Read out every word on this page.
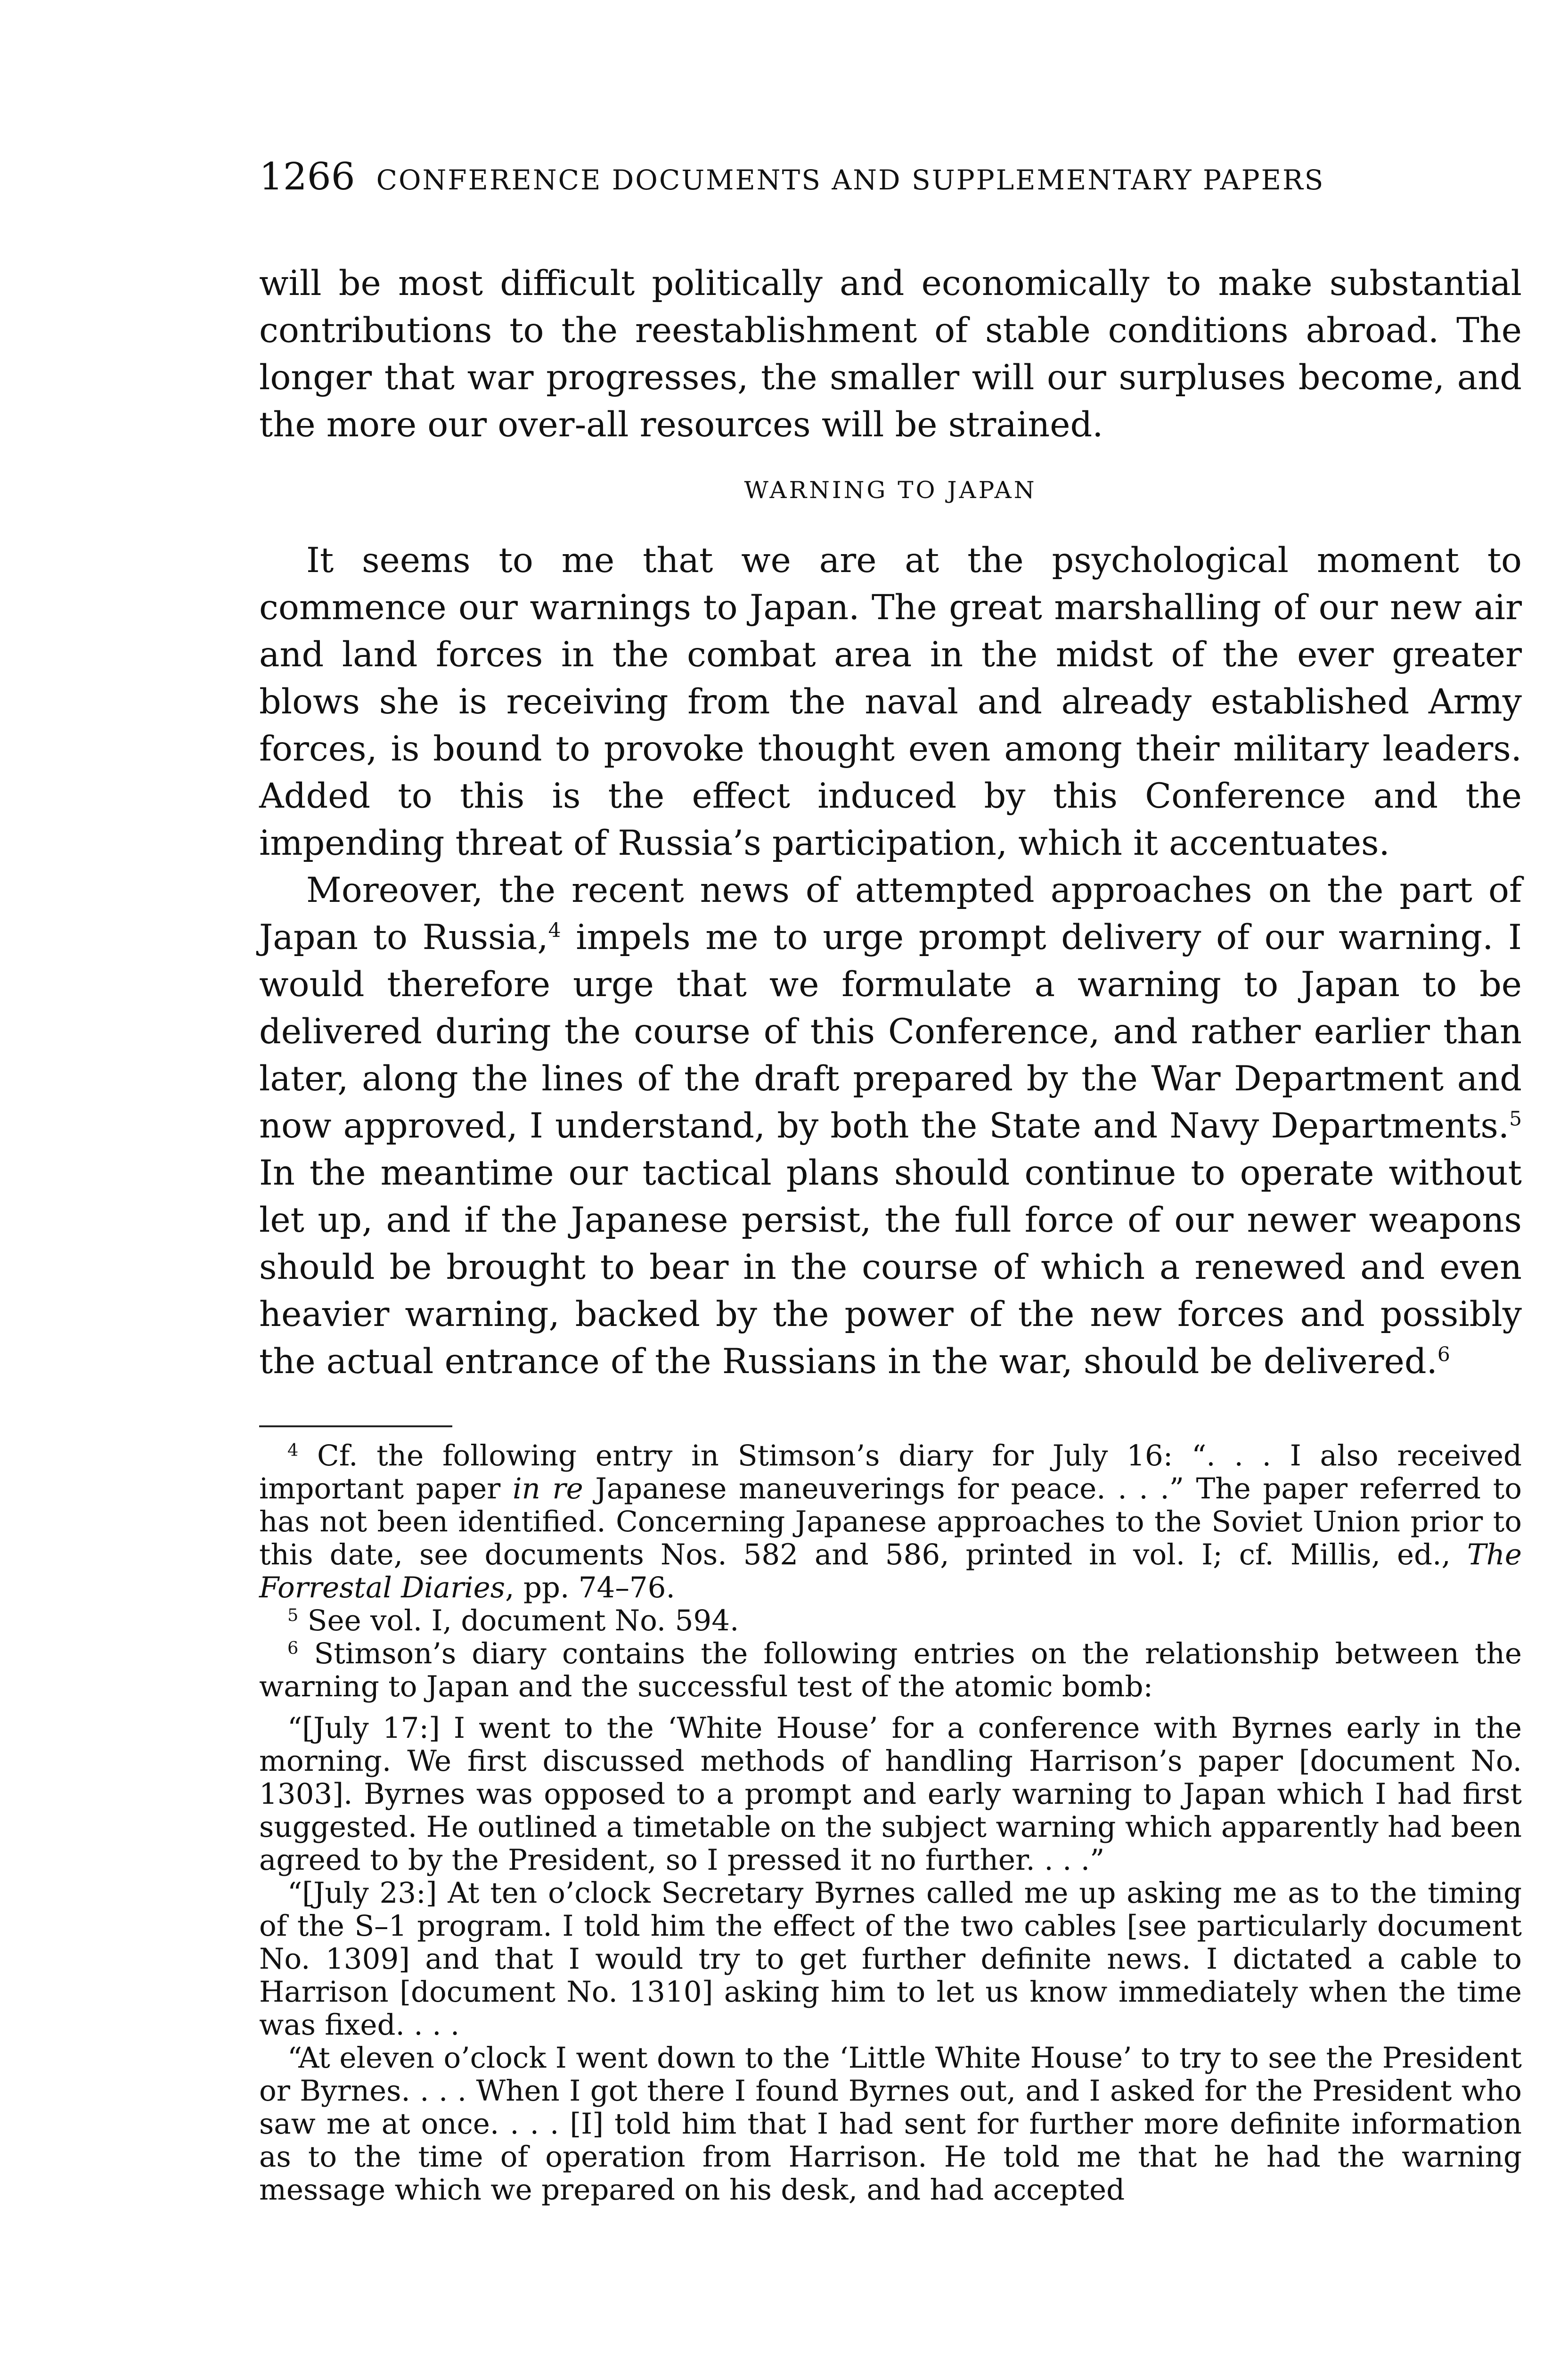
1266 CONFERENCE DOCUMENTS AND SUPPLEMENTARY PAPERS

will be most difficult politically and economically to make substantial contributions to the reestablishment of stable conditions abroad. The longer that war progresses, the smaller will our surpluses become, and the more our over-all resources will be strained.

WARNING TO JAPAN

It seems to me that we are at the psychological moment to commence our warnings to Japan. The great marshalling of our new air and land forces in the combat area in the midst of the ever greater blows she is receiving from the naval and already established Army forces, is bound to provoke thought even among their military leaders. Added to this is the effect induced by this Conference and the impending threat of Russia’s participation, which it accentuates.

Moreover, the recent news of attempted approaches on the part of Japan to Russia,$^4$ impels me to urge prompt delivery of our warning. I would therefore urge that we formulate a warning to Japan to be delivered during the course of this Conference, and rather earlier than later, along the lines of the draft prepared by the War Department and now approved, I understand, by both the State and Navy Departments.$^5$ In the meantime our tactical plans should continue to operate without let up, and if the Japanese persist, the full force of our newer weapons should be brought to bear in the course of which a renewed and even heavier warning, backed by the power of the new forces and possibly the actual entrance of the Russians in the war, should be delivered.$^6$

$^4$ Cf. the following entry in Stimson’s diary for July 16: “. . . I also received important paper in re Japanese maneuverings for peace. . . .” The paper referred to has not been identified. Concerning Japanese approaches to the Soviet Union prior to this date, see documents Nos. 582 and 586, printed in vol. I; cf. Millis, ed., The Forrestal Diaries, pp. 74–76.

$^5$ See vol. I, document No. 594.

$^6$ Stimson’s diary contains the following entries on the relationship between the warning to Japan and the successful test of the atomic bomb:

“[July 17:] I went to the ‘White House’ for a conference with Byrnes early in the morning. We first discussed methods of handling Harrison’s paper [document No. 1303]. Byrnes was opposed to a prompt and early warning to Japan which I had first suggested. He outlined a timetable on the subject warning which apparently had been agreed to by the President, so I pressed it no further. . . .”

“[July 23:] At ten o’clock Secretary Byrnes called me up asking me as to the timing of the S–1 program. I told him the effect of the two cables [see particularly document No. 1309] and that I would try to get further definite news. I dictated a cable to Harrison [document No. 1310] asking him to let us know immediately when the time was fixed. . . .

“At eleven o’clock I went down to the ‘Little White House’ to try to see the President or Byrnes. . . . When I got there I found Byrnes out, and I asked for the President who saw me at once. . . . [I] told him that I had sent for further more definite information as to the time of operation from Harrison. He told me that he had the warning message which we prepared on his desk, and had accepted
